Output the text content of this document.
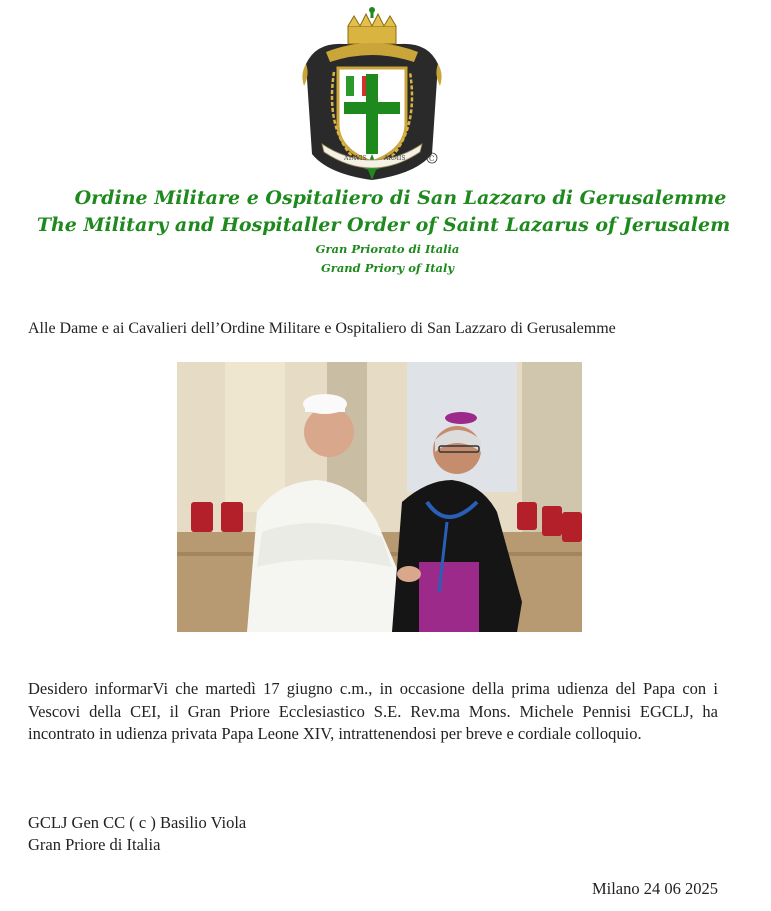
ATAVIS	ARMIS	C
Ordine Militare e Ospitaliero di San Lazzaro di Gerusalemme
The Military and Hospitaller Order of Saint Lazarus of Jerusalem
Gran Priorato di Italia
Grand Priory of Italy
Alle Dame e ai Cavalieri dell’Ordine Militare e Ospitaliero di San Lazzaro di Gerusalemme
Desidero informarVi che martedì 17 giugno c.m., in occasione della prima udienza del Papa con i Vescovi della CEI, il Gran Priore Ecclesiastico S.E. Rev.ma Mons. Michele Pennisi EGCLJ, ha incontrato in udienza privata Papa Leone XIV, intrattenendosi per breve e cordiale colloquio.
GCLJ Gen CC ( c ) Basilio Viola
Gran Priore di Italia
Milano 24 06 2025
